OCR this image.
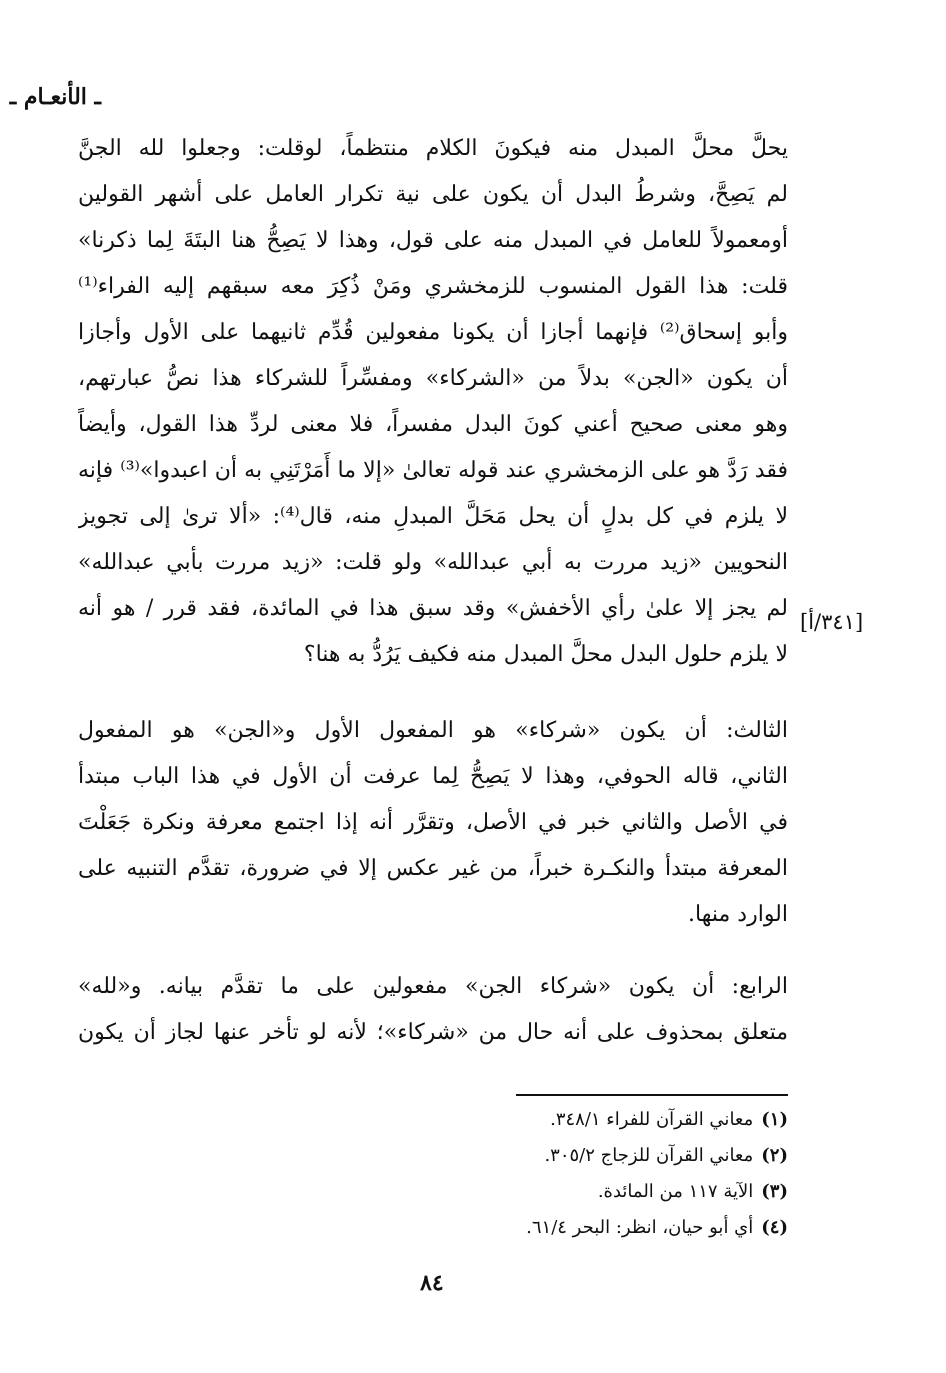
ـ الأنعـام ـ
يحلَّ محلَّ المبدل منه فيكونَ الكلام منتظماً، لوقلت: وجعلوا لله الجنَّ
لم يَصِحَّ، وشرطُ البدل أن يكون على نية تكرار العامل على أشهر القولين
أومعمولاً للعامل في المبدل منه على قول، وهذا لا يَصِحُّ هنا البتَةَ لِما ذكرنا»
قلت: هذا القول المنسوب للزمخشري ومَنْ ذُكِرَ معه سبقهم إليه الفراء⁽¹⁾
وأبو إسحاق⁽²⁾ فإنهما أجازا أن يكونا مفعولين قُدِّم ثانيهما على الأول وأجازا
أن يكون «الجن» بدلاً من «الشركاء» ومفسِّراً للشركاء هذا نصُّ عبارتهم،
وهو معنى صحيح أعني كونَ البدل مفسراً، فلا معنى لردِّ هذا القول، وأيضاً
فقد رَدَّ هو على الزمخشري عند قوله تعالىٰ «إلا ما أَمَرْتَنِي به أن اعبدوا»⁽³⁾ فإنه
لا يلزم في كل بدلٍ أن يحل مَحَلَّ المبدلِ منه، قال⁽⁴⁾: «ألا ترىٰ إلى تجويز
النحويين «زيد مررت به أبي عبدالله» ولو قلت: «زيد مررت بأبي عبدالله»
لم يجز إلا علىٰ رأي الأخفش» وقد سبق هذا في المائدة، فقد قرر / هو أنه
لا يلزم حلول البدل محلَّ المبدل منه فكيف يَرُدُّ به هنا؟
[٣٤١/أ]
الثالث: أن يكون «شركاء» هو المفعول الأول و«الجن» هو المفعول
الثاني، قاله الحوفي، وهذا لا يَصِحُّ لِما عرفت أن الأول في هذا الباب مبتدأ
في الأصل والثاني خبر في الأصل، وتقرَّر أنه إذا اجتمع معرفة ونكرة جَعَلْتَ
المعرفة مبتدأ والنكـرة خبراً، من غير عكس إلا في ضرورة، تقدَّم التنبيه على
الوارد منها.
الرابع: أن يكون «شركاء الجن» مفعولين على ما تقدَّم بيانه. و«لله»
متعلق بمحذوف على أنه حال من «شركاء»؛ لأنه لو تأخر عنها لجاز أن يكون
(١)معاني القرآن للفراء ٣٤٨/١.
(٢)معاني القرآن للزجاج ٣٠٥/٢.
(٣)الآية ١١٧ من المائدة.
(٤)أي أبو حيان، انظر: البحر ٦١/٤.
٨٤
